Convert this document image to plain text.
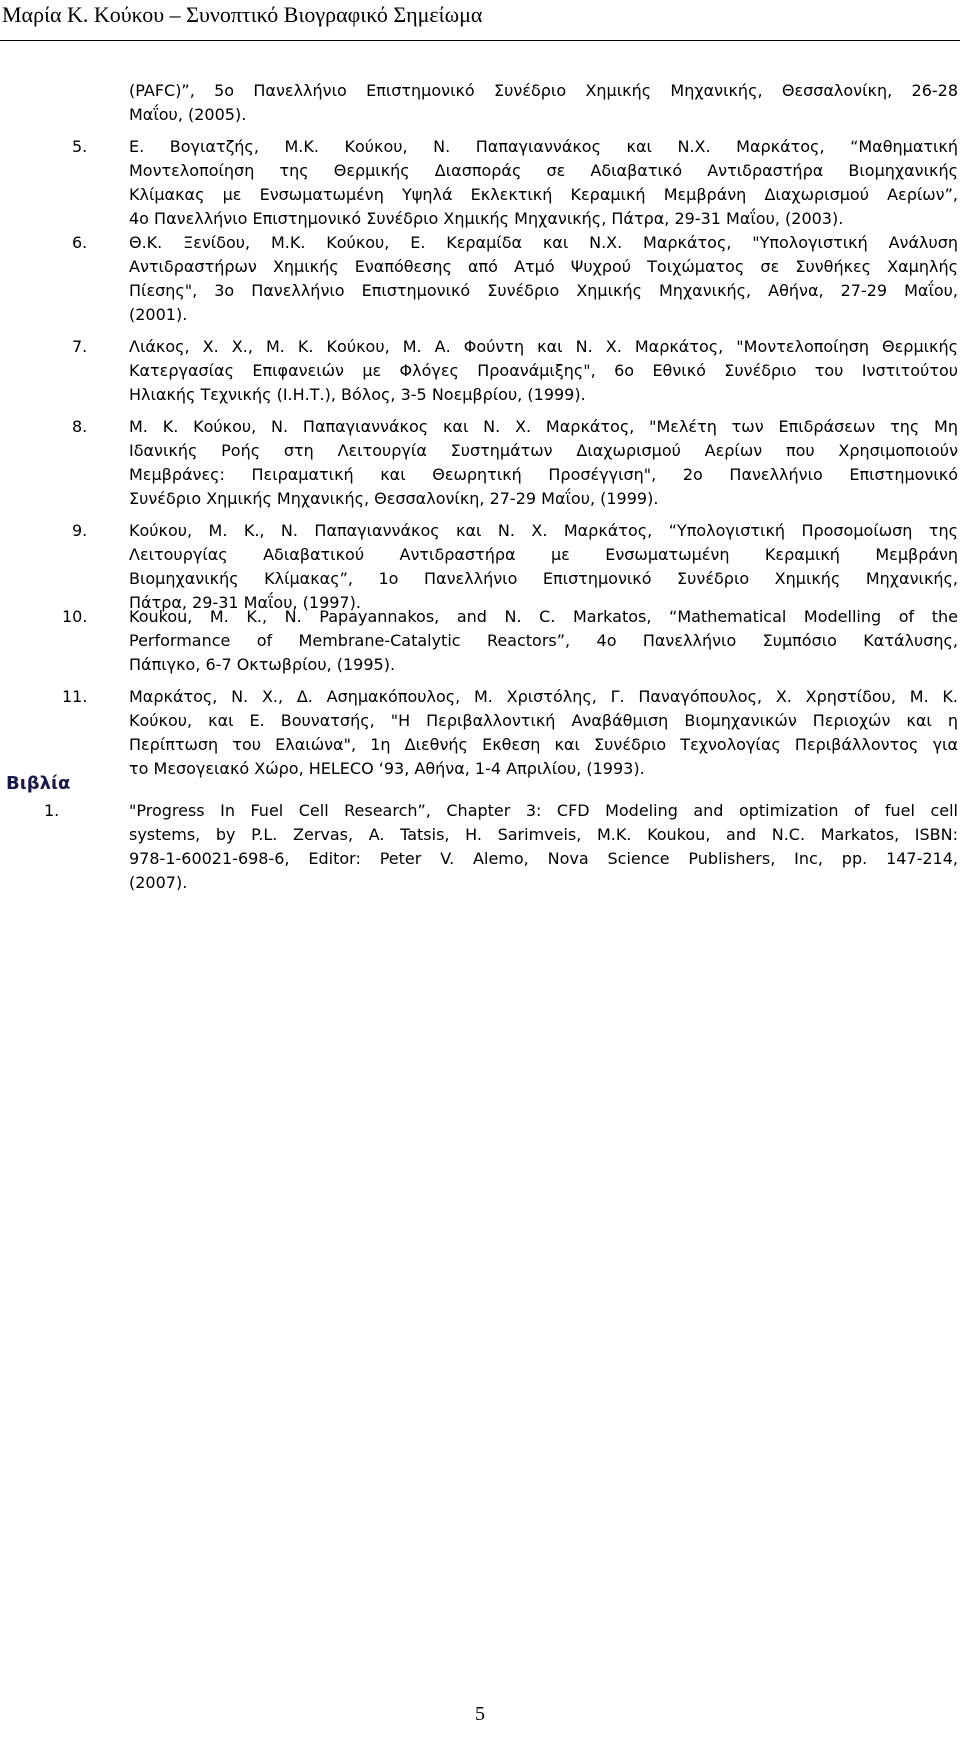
Μαρία Κ. Κούκου – Συνοπτικό Βιογραφικό Σημείωμα
(PAFC)”, 5ο Πανελλήνιο Επιστημονικό Συνέδριο Χημικής Μηχανικής, Θεσσαλονίκη, 26-28
Μαΐου, (2005).
5.	Ε. Βογιατζής, Μ.Κ. Κούκου, Ν. Παπαγιαννάκος και Ν.Χ. Μαρκάτος, “Μαθηματική
Μοντελοποίηση της Θερμικής Διασποράς σε Αδιαβατικό Αντιδραστήρα Βιομηχανικής
Κλίμακας με Ενσωματωμένη Υψηλά Εκλεκτική Κεραμική Μεμβράνη Διαχωρισμού Αερίων”,
4ο Πανελλήνιο Επιστημονικό Συνέδριο Χημικής Μηχανικής, Πάτρα, 29-31 Μαΐου, (2003).
6.	Θ.Κ. Ξενίδου, Μ.Κ. Κούκου, Ε. Κεραμίδα και Ν.Χ. Μαρκάτος, "Υπολογιστική Ανάλυση
Αντιδραστήρων Χημικής Εναπόθεσης από Ατμό Ψυχρού Τοιχώματος σε Συνθήκες Χαμηλής
Πίεσης", 3ο Πανελλήνιο Επιστημονικό Συνέδριο Χημικής Μηχανικής, Αθήνα, 27-29 Μαΐου,
(2001).
7.	Λιάκος, Χ. Χ., Μ. Κ. Κούκου, Μ. Α. Φούντη και Ν. Χ. Μαρκάτος, "Μοντελοποίηση Θερμικής
Κατεργασίας Επιφανειών με Φλόγες Προανάμιξης", 6ο Εθνικό Συνέδριο του Ινστιτούτου
Ηλιακής Τεχνικής (Ι.Η.Τ.), Βόλος, 3-5 Νοεμβρίου, (1999).
8.	Μ. Κ. Κούκου, Ν. Παπαγιαννάκος και Ν. Χ. Μαρκάτος, "Μελέτη των Επιδράσεων της Μη
Ιδανικής Ροής στη Λειτουργία Συστημάτων Διαχωρισμού Αερίων που Χρησιμοποιούν
Μεμβράνες: Πειραματική και Θεωρητική Προσέγγιση", 2ο Πανελλήνιο Επιστημονικό
Συνέδριο Χημικής Μηχανικής, Θεσσαλονίκη, 27-29 Μαΐου, (1999).
9.	Κούκου, Μ. Κ., Ν. Παπαγιαννάκος και Ν. Χ. Μαρκάτος, “Υπολογιστική Προσομοίωση της
Λειτουργίας Αδιαβατικού Αντιδραστήρα με Ενσωματωμένη Κεραμική Μεμβράνη
Βιομηχανικής Κλίμακας”, 1ο Πανελλήνιο Επιστημονικό Συνέδριο Χημικής Μηχανικής,
Πάτρα, 29-31 Μαΐου, (1997).
10.	Koukou, M. K., N. Papayannakos, and N. C. Markatos, “Mathematical Modelling of the
Performance of Membrane-Catalytic Reactors”, 4ο Πανελλήνιο Συμπόσιο Κατάλυσης,
Πάπιγκο, 6-7 Οκτωβρίου, (1995).
11.	Μαρκάτος, Ν. Χ., Δ. Ασημακόπουλος, Μ. Χριστόλης, Γ. Παναγόπουλος, Χ. Χρηστίδου, Μ. Κ.
Κούκου, και Ε. Βουνατσής, "Η Περιβαλλοντική Αναβάθμιση Βιομηχανικών Περιοχών και η
Περίπτωση του Ελαιώνα", 1η Διεθνής Εκθεση και Συνέδριο Τεχνολογίας Περιβάλλοντος για
το Μεσογειακό Χώρο, HELECO ‘93, Αθήνα, 1-4 Απριλίου, (1993).
Βιβλία
1.	"Progress In Fuel Cell Research”, Chapter 3: CFD Modeling and optimization of fuel cell
systems, by P.L. Zervas, A. Tatsis, H. Sarimveis, M.K. Koukou, and N.C. Markatos, ISBN:
978-1-60021-698-6, Editor: Peter V. Alemo, Nova Science Publishers, Inc, pp. 147-214,
(2007).
5
